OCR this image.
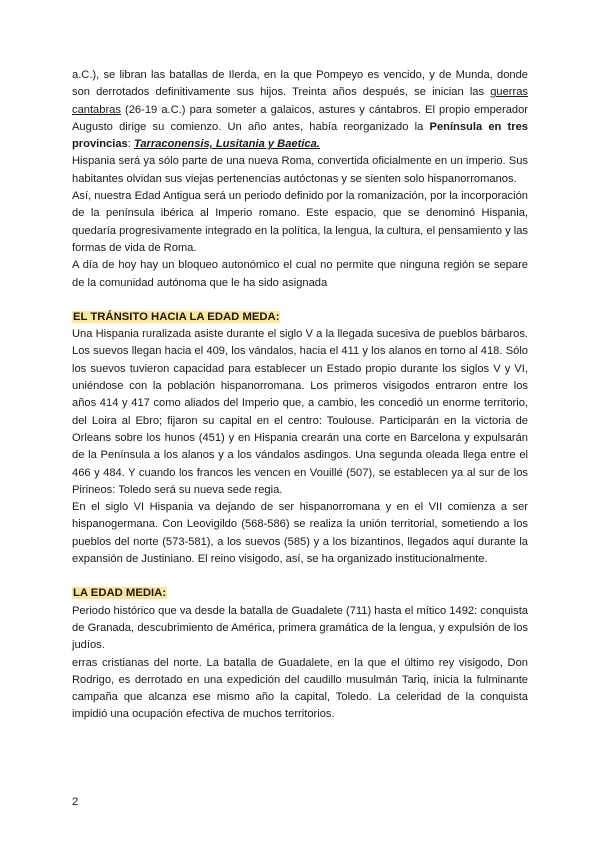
a.C.), se libran las batallas de Ilerda, en la que Pompeyo es vencido, y de Munda, donde son derrotados definitivamente sus hijos. Treinta años después, se inician las guerras cantabras (26-19 a.C.) para someter a galaicos, astures y cántabros. El propio emperador Augusto dirige su comienzo. Un año antes, había reorganizado la Península en tres provincias: Tarraconensis, Lusitania y Baetica.

Hispania será ya sólo parte de una nueva Roma, convertida oficialmente en un imperio. Sus habitantes olvidan sus viejas pertenencias autóctonas y se sienten solo hispanorromanos.

Así, nuestra Edad Antigua será un periodo definido por la romanización, por la incorporación de la península ibérica al Imperio romano. Este espacio, que se denominó Hispania, quedaría progresivamente integrado en la política, la lengua, la cultura, el pensamiento y las formas de vida de Roma.

A día de hoy hay un bloqueo autonómico el cual no permite que ninguna región se separe de la comunidad autónoma que le ha sido asignada

EL TRÁNSITO HACIA LA EDAD MEDA:

Una Hispania ruralizada asiste durante el siglo V a la llegada sucesiva de pueblos bárbaros. Los suevos llegan hacia el 409, los vándalos, hacia el 411 y los alanos en torno al 418. Sólo los suevos tuvieron capacidad para establecer un Estado propio durante los siglos V y VI, uniéndose con la población hispanorromana. Los primeros visigodos entraron entre los años 414 y 417 como aliados del Imperio que, a cambio, les concedió un enorme territorio, del Loira al Ebro; fijaron su capital en el centro: Toulouse. Participarán en la victoria de Orleans sobre los hunos (451) y en Hispania crearán una corte en Barcelona y expulsarán de la Península a los alanos y a los vándalos asdingos. Una segunda oleada llega entre el 466 y 484. Y cuando los francos les vencen en Vouillé (507), se establecen ya al sur de los Pirineos: Toledo será su nueva sede regia.

En el siglo VI Hispania va dejando de ser hispanorromana y en el VII comienza a ser hispanogermana. Con Leovigildo (568-586) se realiza la unión territorial, sometiendo a los pueblos del norte (573-581), a los suevos (585) y a los bizantinos, llegados aquí durante la expansión de Justiniano. El reino visigodo, así, se ha organizado institucionalmente.

LA EDAD MEDIA:

Periodo histórico que va desde la batalla de Guadalete (711) hasta el mítico 1492: conquista de Granada, descubrimiento de América, primera gramática de la lengua, y expulsión de los judíos.

erras cristianas del norte. La batalla de Guadalete, en la que el último rey visigodo, Don Rodrigo, es derrotado en una expedición del caudillo musulmán Tariq, inicia la fulminante campaña que alcanza ese mismo año la capital, Toledo. La celeridad de la conquista impidió una ocupación efectiva de muchos territorios.

2
